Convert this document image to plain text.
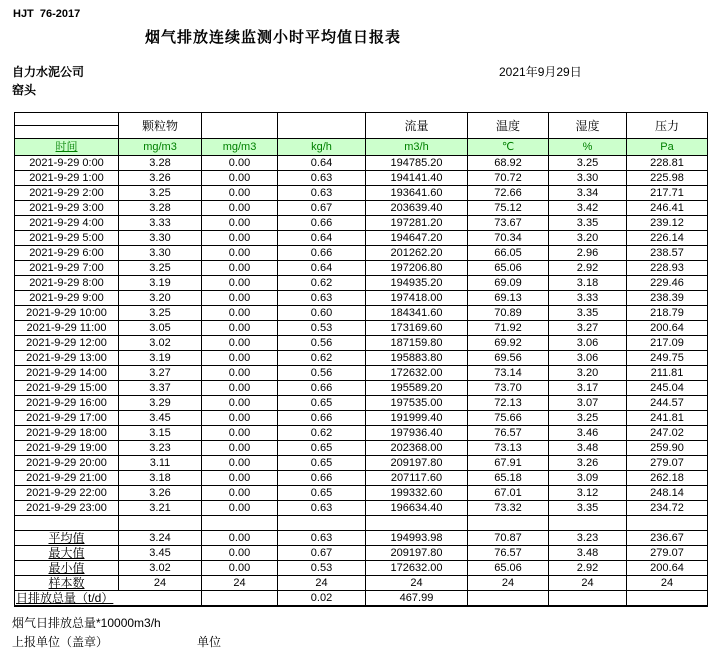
HJT  76-2017
烟气排放连续监测小时平均值日报表
自力水泥公司
窑头
2021年9月29日
	颗粒物			流量	温度	湿度	压力

时间	mg/m3	mg/m3	kg/h	m3/h	℃	%	Pa
2021-9-29 0:00	3.28	0.00	0.64	194785.20	68.92	3.25	228.81
2021-9-29 1:00	3.26	0.00	0.63	194141.40	70.72	3.30	225.98
2021-9-29 2:00	3.25	0.00	0.63	193641.60	72.66	3.34	217.71
2021-9-29 3:00	3.28	0.00	0.67	203639.40	75.12	3.42	246.41
2021-9-29 4:00	3.33	0.00	0.66	197281.20	73.67	3.35	239.12
2021-9-29 5:00	3.30	0.00	0.64	194647.20	70.34	3.20	226.14
2021-9-29 6:00	3.30	0.00	0.66	201262.20	66.05	2.96	238.57
2021-9-29 7:00	3.25	0.00	0.64	197206.80	65.06	2.92	228.93
2021-9-29 8:00	3.19	0.00	0.62	194935.20	69.09	3.18	229.46
2021-9-29 9:00	3.20	0.00	0.63	197418.00	69.13	3.33	238.39
2021-9-29 10:00	3.25	0.00	0.60	184341.60	70.89	3.35	218.79
2021-9-29 11:00	3.05	0.00	0.53	173169.60	71.92	3.27	200.64
2021-9-29 12:00	3.02	0.00	0.56	187159.80	69.92	3.06	217.09
2021-9-29 13:00	3.19	0.00	0.62	195883.80	69.56	3.06	249.75
2021-9-29 14:00	3.27	0.00	0.56	172632.00	73.14	3.20	211.81
2021-9-29 15:00	3.37	0.00	0.66	195589.20	73.70	3.17	245.04
2021-9-29 16:00	3.29	0.00	0.65	197535.00	72.13	3.07	244.57
2021-9-29 17:00	3.45	0.00	0.66	191999.40	75.66	3.25	241.81
2021-9-29 18:00	3.15	0.00	0.62	197936.40	76.57	3.46	247.02
2021-9-29 19:00	3.23	0.00	0.65	202368.00	73.13	3.48	259.90
2021-9-29 20:00	3.11	0.00	0.65	209197.80	67.91	3.26	279.07
2021-9-29 21:00	3.18	0.00	0.66	207117.60	65.18	3.09	262.18
2021-9-29 22:00	3.26	0.00	0.65	199332.60	67.01	3.12	248.14
2021-9-29 23:00	3.21	0.00	0.63	196634.40	73.32	3.35	234.72

平均值	3.24	0.00	0.63	194993.98	70.87	3.23	236.67
最大值	3.45	0.00	0.67	209197.80	76.57	3.48	279.07
最小值	3.02	0.00	0.53	172632.00	65.06	2.92	200.64
样本数	24	24	24	24	24	24	24
日排放总量（t/d）			0.02	467.99			
烟气日排放总量*10000m3/h
上报单位（盖章）	单位
